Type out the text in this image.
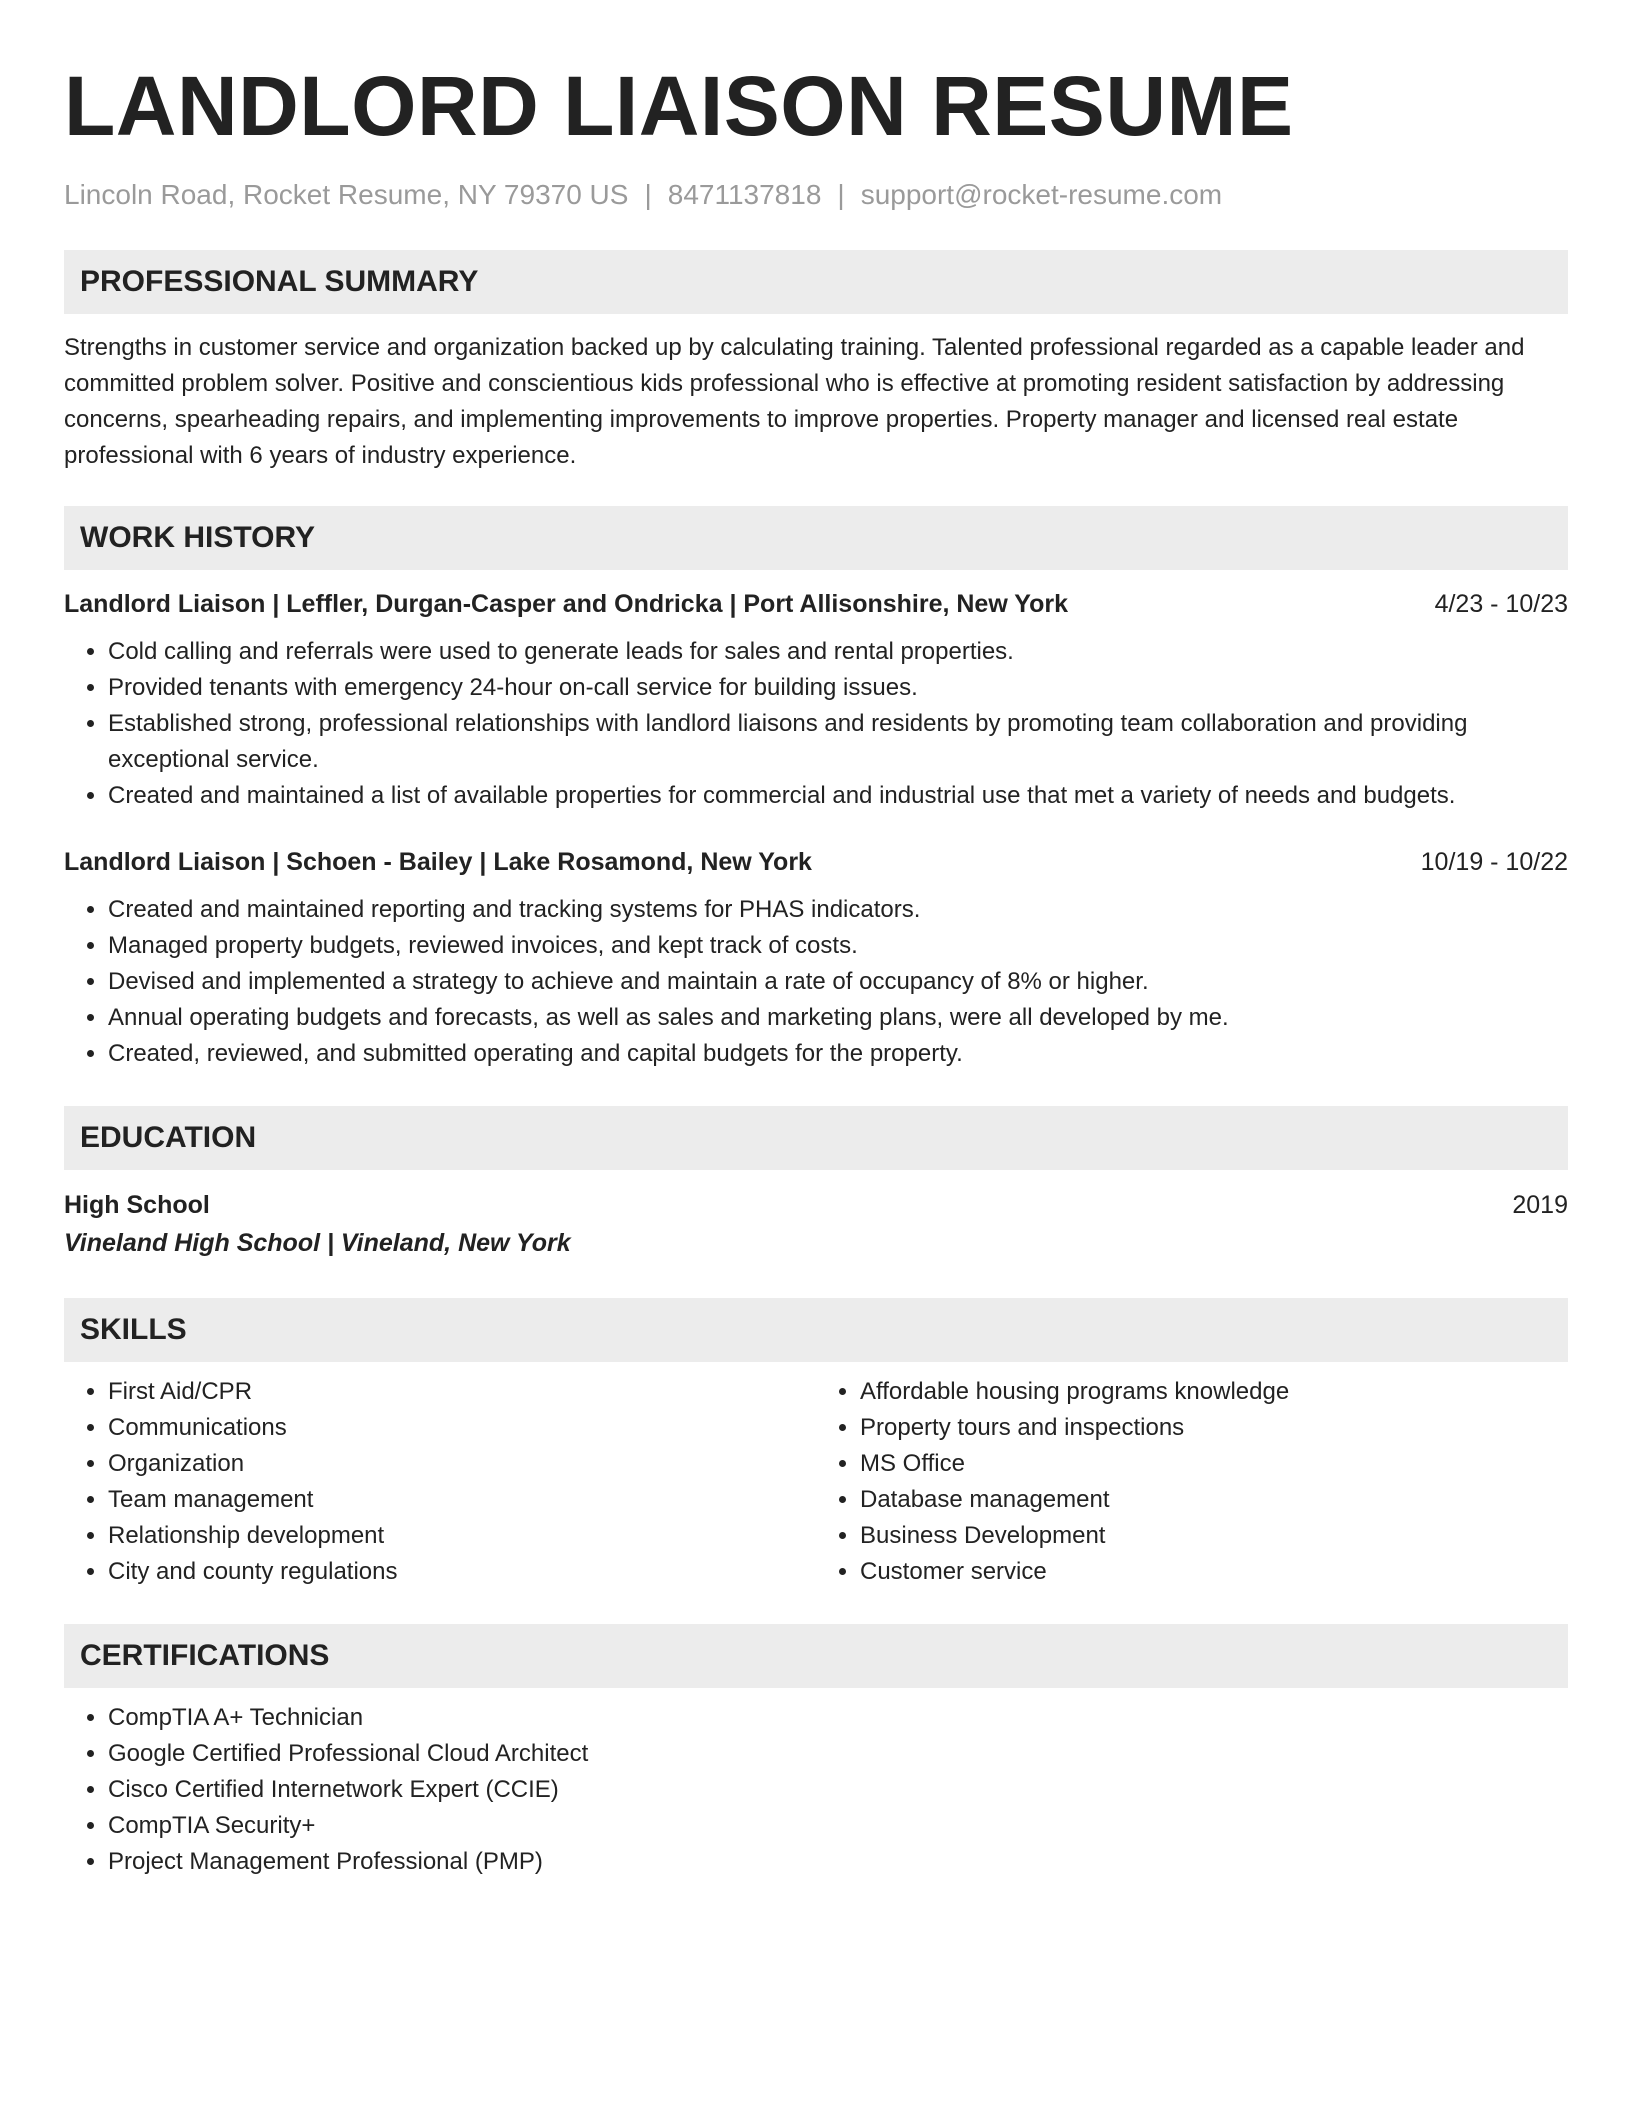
LANDLORD LIAISON RESUME
Lincoln Road, Rocket Resume, NY 79370 US | 8471137818 | support@rocket-resume.com
PROFESSIONAL SUMMARY

Strengths in customer service and organization backed up by calculating training. Talented professional regarded as a capable leader and committed problem solver. Positive and conscientious kids professional who is effective at promoting resident satisfaction by addressing concerns, spearheading repairs, and implementing improvements to improve properties. Property manager and licensed real estate professional with 6 years of industry experience.

WORK HISTORY
Landlord Liaison | Leffler, Durgan-Casper and Ondricka | Port Allisonshire, New York	4/23 - 10/23
• Cold calling and referrals were used to generate leads for sales and rental properties.
• Provided tenants with emergency 24-hour on-call service for building issues.
• Established strong, professional relationships with landlord liaisons and residents by promoting team collaboration and providing exceptional service.
• Created and maintained a list of available properties for commercial and industrial use that met a variety of needs and budgets.
Landlord Liaison | Schoen - Bailey | Lake Rosamond, New York	10/19 - 10/22
• Created and maintained reporting and tracking systems for PHAS indicators.
• Managed property budgets, reviewed invoices, and kept track of costs.
• Devised and implemented a strategy to achieve and maintain a rate of occupancy of 8% or higher.
• Annual operating budgets and forecasts, as well as sales and marketing plans, were all developed by me.
• Created, reviewed, and submitted operating and capital budgets for the property.
EDUCATION
High School	2019
Vineland High School | Vineland, New York
SKILLS
• First Aid/CPR
• Communications
• Organization
• Team management
• Relationship development
• City and county regulations
• Affordable housing programs knowledge
• Property tours and inspections
• MS Office
• Database management
• Business Development
• Customer service
CERTIFICATIONS
• CompTIA A+ Technician
• Google Certified Professional Cloud Architect
• Cisco Certified Internetwork Expert (CCIE)
• CompTIA Security+
• Project Management Professional (PMP)
